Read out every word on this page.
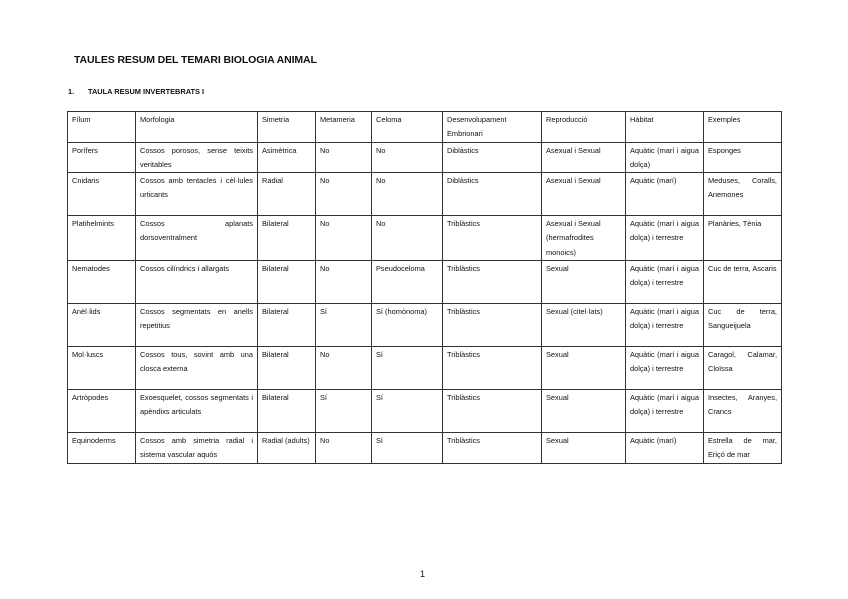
TAULES RESUM DEL TEMARI BIOLOGIA ANIMAL
1. TAULA RESUM INVERTEBRATS I
Fílum	Morfologia	Simetria	Metameria	Celoma	Desenvolupament Embrionari	Reproducció	Hàbitat	Exemples
Porífers	Cossos porosos, sense teixits veritables	Asimètrica	No	No	Diblàstics	Asexual i Sexual	Aquàtic (marí i aigua dolça)	Esponges
Cnidaris	Cossos amb tentacles i cèl·lules urticants	Radial	No	No	Diblàstics	Asexual i Sexual	Aquàtic (marí)	Meduses, Coralls, Anemones
Platihelmints	Cossos aplanats dorsoventralment	Bilateral	No	No	Triblàstics	Asexual i Sexual (hermafrodites monoics)	Aquàtic (marí i aigua dolça) i terrestre	Planàries, Tènia
Nematodes	Cossos cilíndrics i allargats	Bilateral	No	Pseudoceloma	Triblàstics	Sexual	Aquàtic (marí i aigua dolça) i terrestre	Cuc de terra, Ascaris
Anèl·lids	Cossos segmentats en anells repetitius	Bilateral	Sí	Sí (homònoma)	Triblàstics	Sexual (citel·lats)	Aquàtic (marí i aigua dolça) i terrestre	Cuc de terra, Sangueijuela
Mol·luscs	Cossos tous, sovint amb una closca externa	Bilateral	No	Sí	Triblàstics	Sexual	Aquàtic (marí i aigua dolça) i terrestre	Caragol, Calamar, Cloïssa
Artròpodes	Exoesquelet, cossos segmentats i apèndixs articulats	Bilateral	Sí	Sí	Triblàstics	Sexual	Aquàtic (marí i aigua dolça) i terrestre	Insectes, Aranyes, Crancs
Equinoderms	Cossos amb simetria radial i sistema vascular aquós	Radial (adults)	No	Sí	Triblàstics	Sexual	Aquàtic (marí)	Estrella de mar, Eriçó de mar
1
